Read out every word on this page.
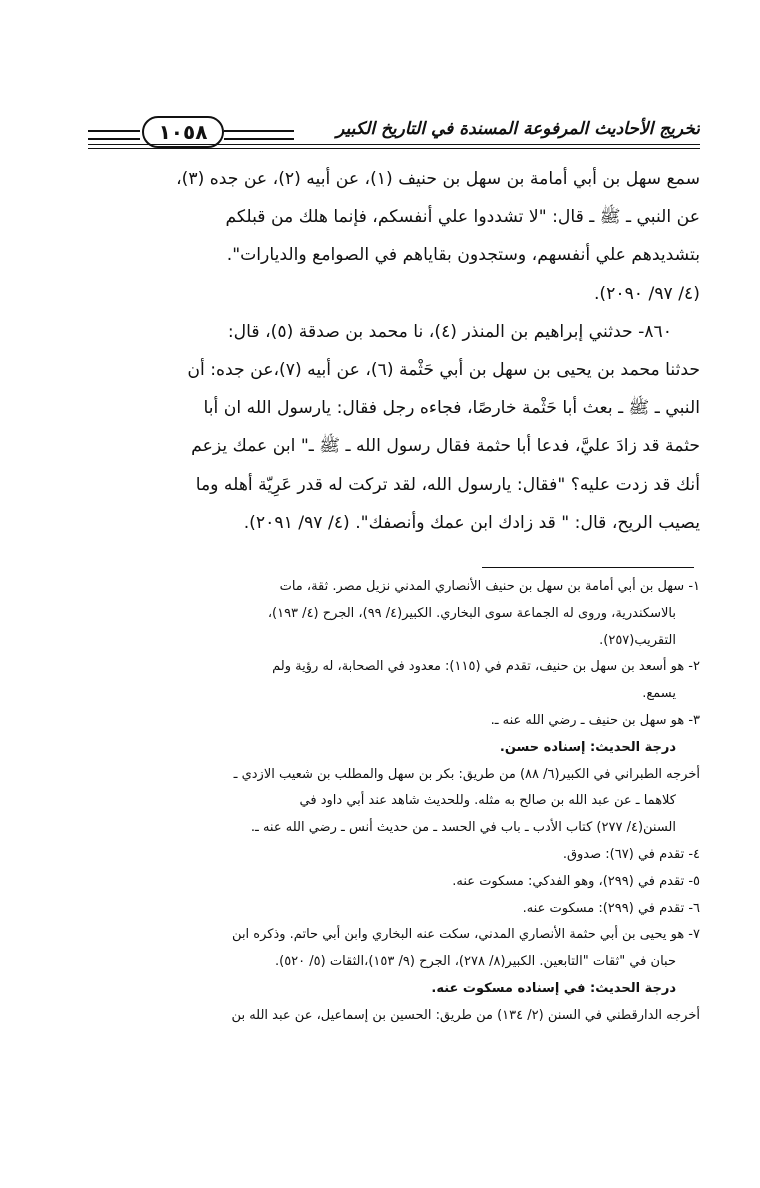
١٠٥٨	تخريج الأحاديث المرفوعة المسندة في التاريخ الكبير

سمع سهل بن أبي أمامة بن سهل بن حنيف (١)، عن أبيه (٢)، عن جده (٣)،

عن النبي ـ ﷺ ـ قال: "لا تشددوا علي أنفسكم، فإنما هلك من قبلكم

بتشديدهم علي أنفسهم، وستجدون بقاياهم في الصوامع والديارات".

(٤/ ٩٧/ ٢٠٩٠).

٨٦٠- حدثني إبراهيم بن المنذر (٤)، نا محمد بن صدقة (٥)، قال:

حدثنا محمد بن يحيى بن سهل بن أبي حَثْمة (٦)، عن أبيه (٧)،عن جده: أن

النبي ـ ﷺ ـ بعث أبا حَثْمة خارصًا، فجاءه رجل فقال: يارسول الله ان أبا

حثمة قد زادَ عليَّ، فدعا أبا حثمة فقال رسول الله ـ ﷺ ـ" ابن عمك يزعم

أنك قد زدت عليه؟ "فقال: يارسول الله، لقد تركت له قدر عَرِيّة أهله وما

يصيب الريح، قال: " قد زادك ابن عمك وأنصفك". (٤/ ٩٧/ ٢٠٩١).

١- سهل بن أبي أمامة بن سهل بن حنيف الأنصاري المدني نزيل مصر. ثقة، مات

بالاسكندرية، وروى له الجماعة سوى البخاري. الكبير(٤/ ٩٩)، الجرح (٤/ ١٩٣)،

التقريب(٢٥٧).

٢- هو أسعد بن سهل بن حنيف، تقدم في (١١٥): معدود في الصحابة، له رؤية ولم

يسمع.

٣- هو سهل بن حنيف ـ رضي الله عنه ـ.

درجة الحديث: إسناده حسن.

أخرجه الطبراني في الكبير(٦/ ٨٨) من طريق: بكر بن سهل والمطلب بن شعيب الازدي ـ

كلاهما ـ عن عبد الله بن صالح به مثله. وللحديث شاهد عند أبي داود في

السنن(٤/ ٢٧٧) كتاب الأدب ـ باب في الحسد ـ من حديث أنس ـ رضي الله عنه ـ.

٤- تقدم في (٦٧): صدوق.

٥- تقدم في (٢٩٩)، وهو الفدكي: مسكوت عنه.

٦- تقدم في (٢٩٩): مسكوت عنه.

٧- هو يحيى بن أبي حثمة الأنصاري المدني، سكت عنه البخاري وابن أبي حاتم. وذكره ابن

حبان في "ثقات "التابعين. الكبير(٨/ ٢٧٨)، الجرح (٩/ ١٥٣)،الثقات (٥/ ٥٢٠).

درجة الحديث: في إسناده مسكوت عنه.

أخرجه الدارقطني في السنن (٢/ ١٣٤) من طريق: الحسين بن إسماعيل، عن عبد الله بن
